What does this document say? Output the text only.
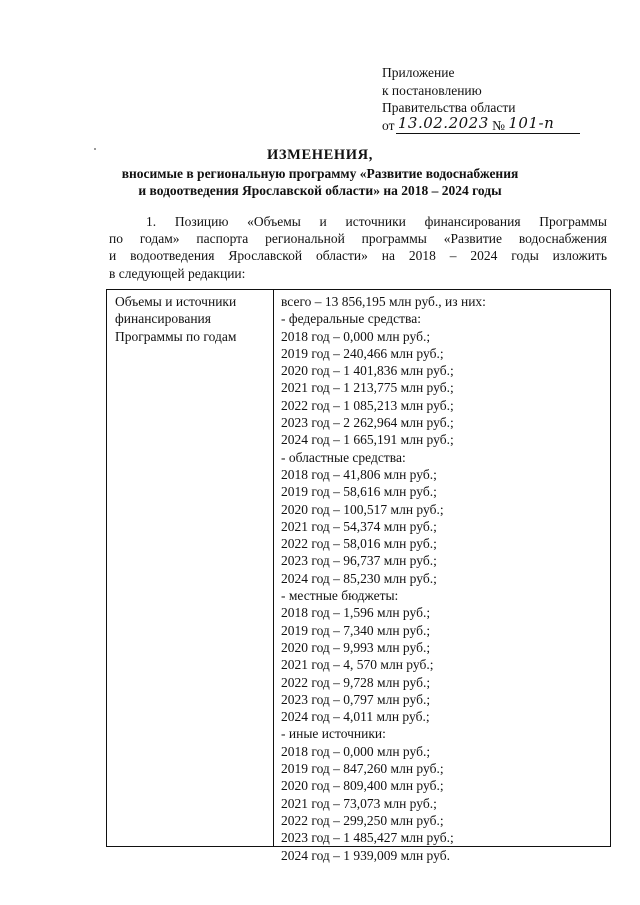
Приложение
к постановлению
Правительства области
от 13.02.2023 № 101-п
ИЗМЕНЕНИЯ,
вносимые в региональную программу «Развитие водоснабжения
и водоотведения Ярославской области» на 2018 – 2024 годы
1. Позицию «Объемы и источники финансирования Программы
по годам» паспорта региональной программы «Развитие водоснабжения
и водоотведения Ярославской области» на 2018 – 2024 годы изложить
в следующей редакции:
Объемы и источники
финансирования
Программы по годам
всего – 13 856,195 млн руб., из них:
- федеральные средства:
2018 год – 0,000 млн руб.;
2019 год – 240,466 млн руб.;
2020 год – 1 401,836 млн руб.;
2021 год – 1 213,775 млн руб.;
2022 год – 1 085,213 млн руб.;
2023 год – 2 262,964 млн руб.;
2024 год – 1 665,191 млн руб.;
- областные средства:
2018 год – 41,806 млн руб.;
2019 год – 58,616 млн руб.;
2020 год – 100,517 млн руб.;
2021 год – 54,374 млн руб.;
2022 год – 58,016 млн руб.;
2023 год – 96,737 млн руб.;
2024 год – 85,230 млн руб.;
- местные бюджеты:
2018 год – 1,596 млн руб.;
2019 год – 7,340 млн руб.;
2020 год – 9,993 млн руб.;
2021 год – 4, 570 млн руб.;
2022 год – 9,728 млн руб.;
2023 год – 0,797 млн руб.;
2024 год – 4,011 млн руб.;
- иные источники:
2018 год – 0,000 млн руб.;
2019 год – 847,260 млн руб.;
2020 год – 809,400 млн руб.;
2021 год – 73,073 млн руб.;
2022 год – 299,250 млн руб.;
2023 год – 1 485,427 млн руб.;
2024 год – 1 939,009 млн руб.
